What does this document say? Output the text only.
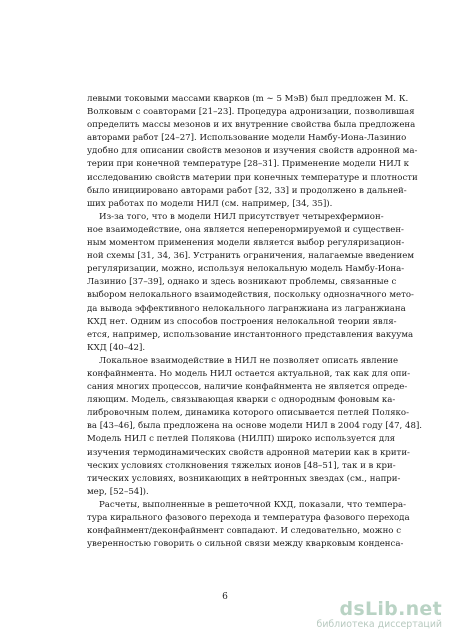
левыми токовыми массами кварков (m ∼ 5 МэВ) был предложен М. К.
Волковым с соавторами [21–23]. Процедура адронизации, позволившая
определить массы мезонов и их внутренние свойства была предложена
авторами работ [24–27]. Использование модели Намбу-Иона-Лазинио
удобно для описании свойств мезонов и изучения свойств адронной ма-
терии при конечной температуре [28–31]. Применение модели НИЛ к
исследованию свойств материи при конечных температуре и плотности
было инициировано авторами работ [32, 33] и продолжено в дальней-
ших работах по модели НИЛ (см. например, [34, 35]).
Из-за того, что в модели НИЛ присутствует четырехфермион-
ное взаимодействие, она является неперенормируемой и существен-
ным моментом применения модели является выбор регуляризацион-
ной схемы [31, 34, 36]. Устранить ограничения, налагаемые введением
регуляризации, можно, используя нелокальную модель Намбу-Иона-
Лазинио [37–39], однако и здесь возникают проблемы, связанные с
выбором нелокального взаимодействия, поскольку однозначного мето-
да вывода эффективного нелокального лагранжиана из лагранжиана
КХД нет. Одним из способов построения нелокальной теории явля-
ется, например, использование инстантонного представления вакуума
КХД [40–42].
Локальное взаимодействие в НИЛ не позволяет описать явление
конфайнмента. Но модель НИЛ остается актуальной, так как для опи-
сания многих процессов, наличие конфайнмента не является опреде-
ляющим. Модель, связывающая кварки с однородным фоновым ка-
либровочным полем, динамика которого описывается петлей Поляко-
ва [43–46], была предложена на основе модели НИЛ в 2004 году [47, 48].
Модель НИЛ с петлей Полякова (НИЛП) широко используется для
изучения термодинамических свойств адронной материи как в крити-
ческих условиях столкновения тяжелых ионов [48–51], так и в кри-
тических условиях, возникающих в нейтронных звездах (см., напри-
мер, [52–54]).
Расчеты, выполненные в решеточной КХД, показали, что темпера-
тура кирального фазового перехода и температура фазового перехода
конфайнмент/деконфайнмент совпадают. И следовательно, можно с
уверенностью говорить о сильной связи между кварковым конденса-
6
dsLib.net
библиотека диссертаций
